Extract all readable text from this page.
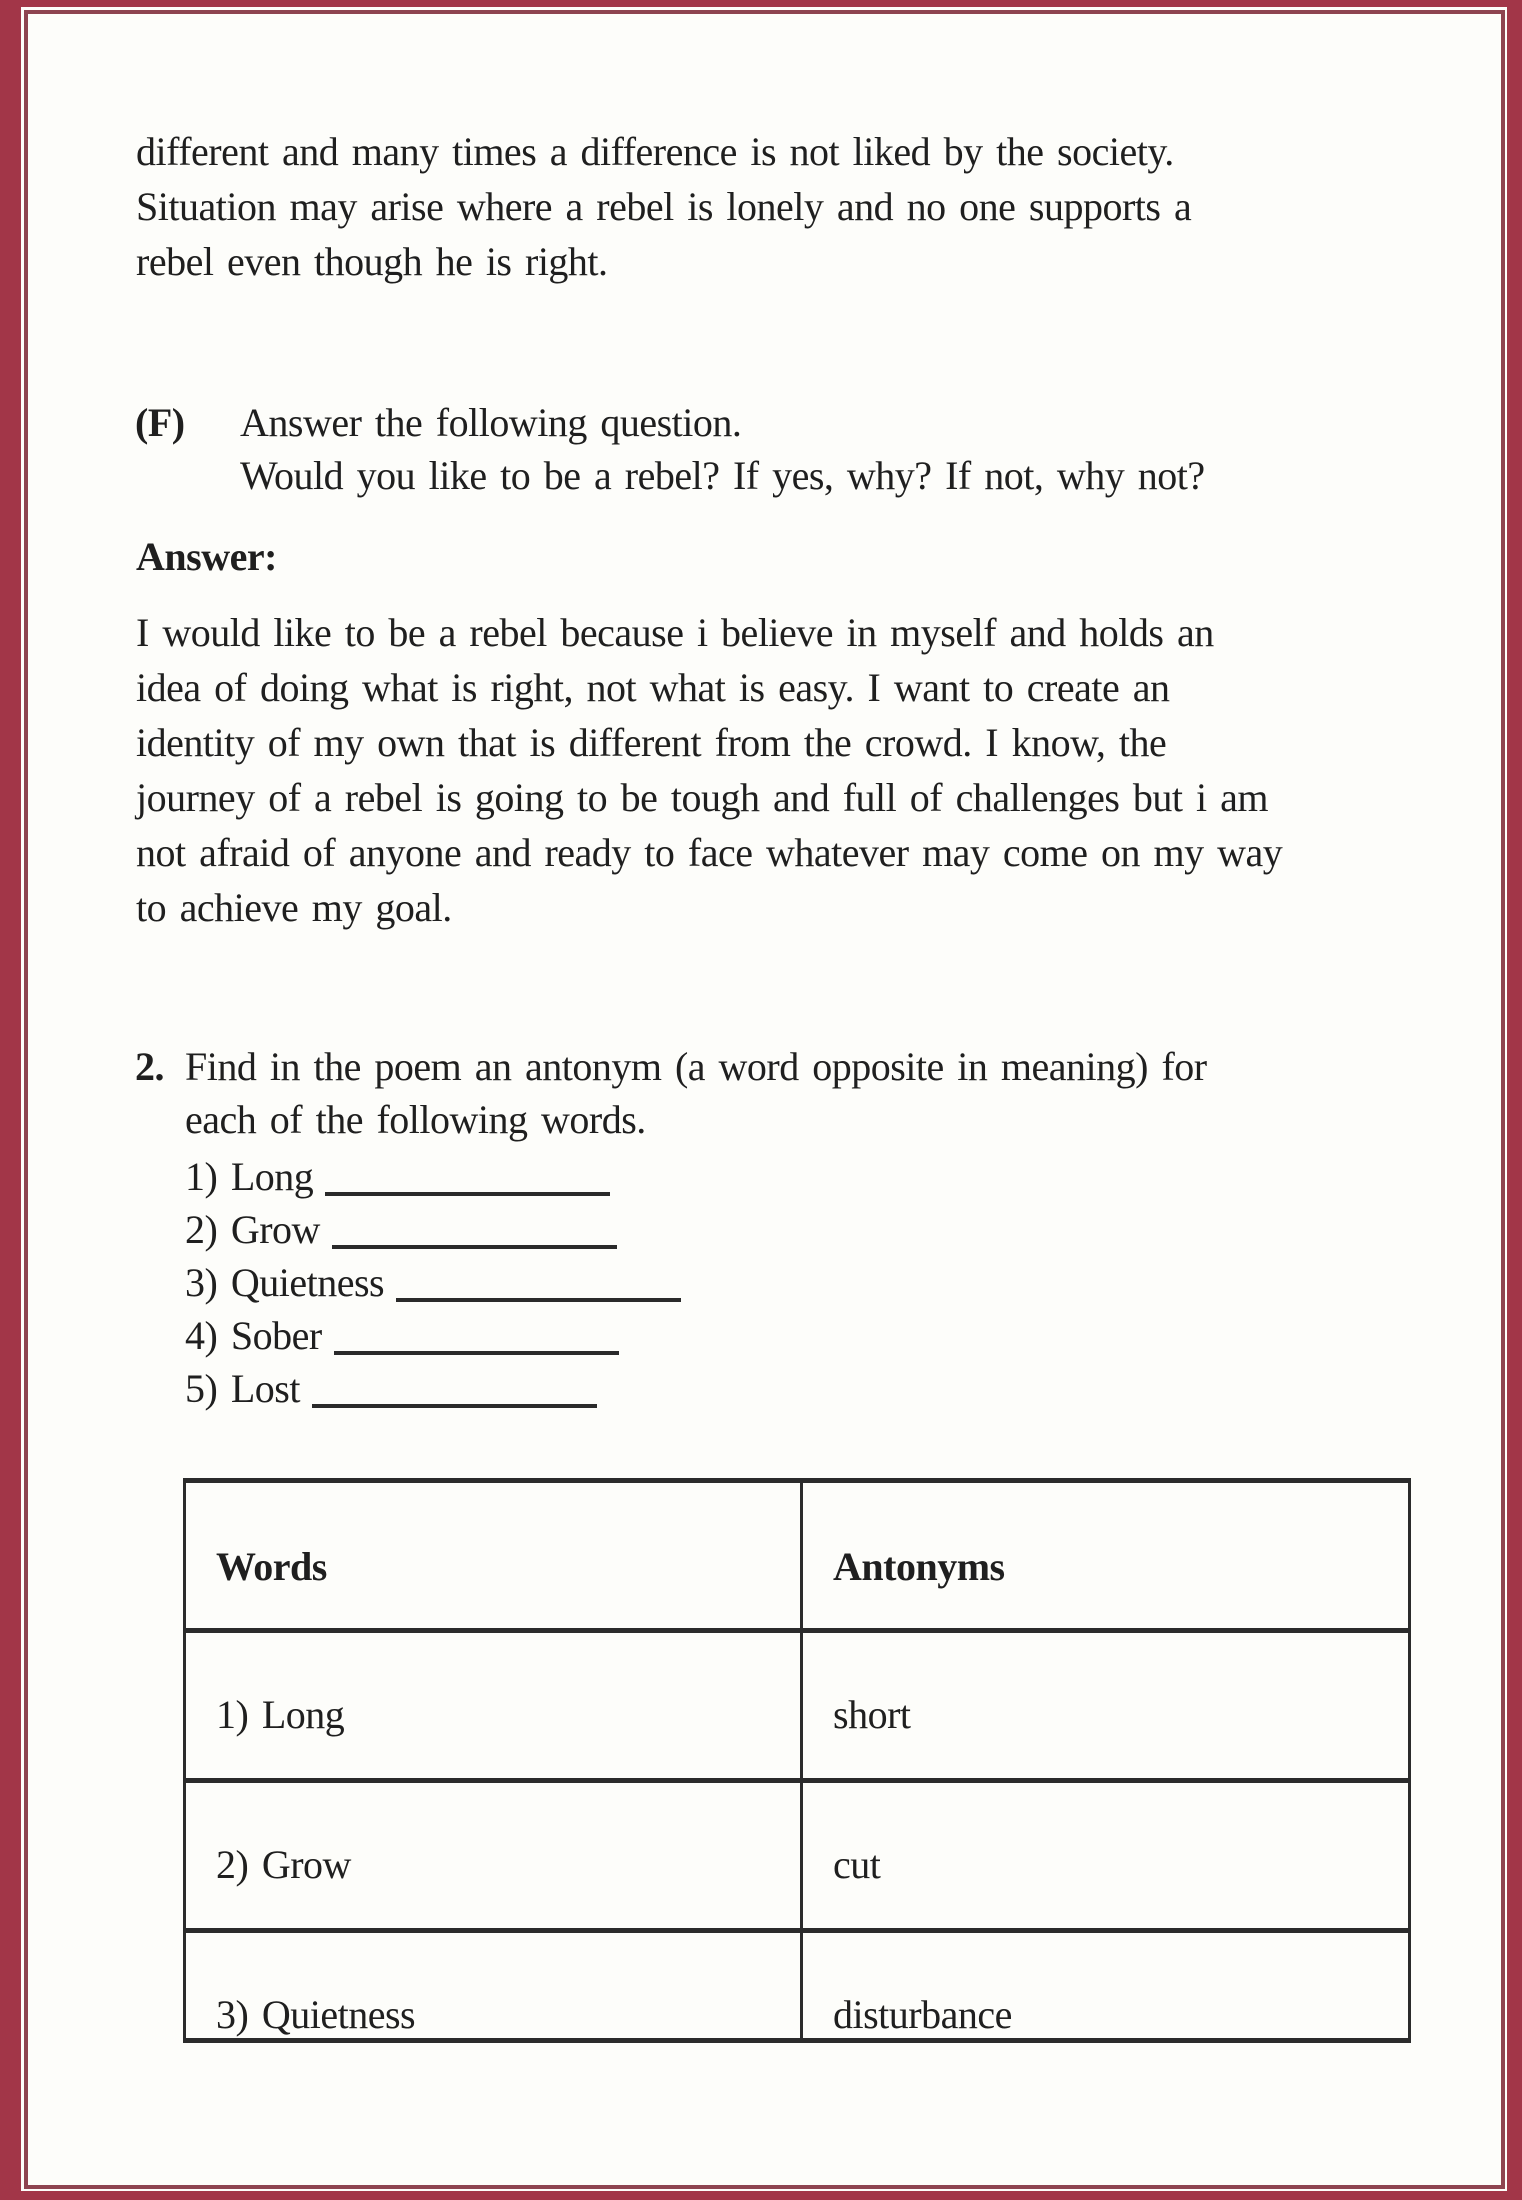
different and many times a difference is not liked by the society.
Situation may arise where a rebel is lonely and no one supports a
rebel even though he is right.
(F) Answer the following question.
Would you like to be a rebel? If yes, why? If not, why not?
Answer:
I would like to be a rebel because i believe in myself and holds an
idea of doing what is right, not what is easy. I want to create an
identity of my own that is different from the crowd. I know, the
journey of a rebel is going to be tough and full of challenges but i am
not afraid of anyone and ready to face whatever may come on my way
to achieve my goal.
2. Find in the poem an antonym (a word opposite in meaning) for
each of the following words.
1) Long
2) Grow
3) Quietness
4) Sober
5) Lost
Words	Antonyms
1) Long	short
2) Grow	cut
3) Quietness	disturbance
